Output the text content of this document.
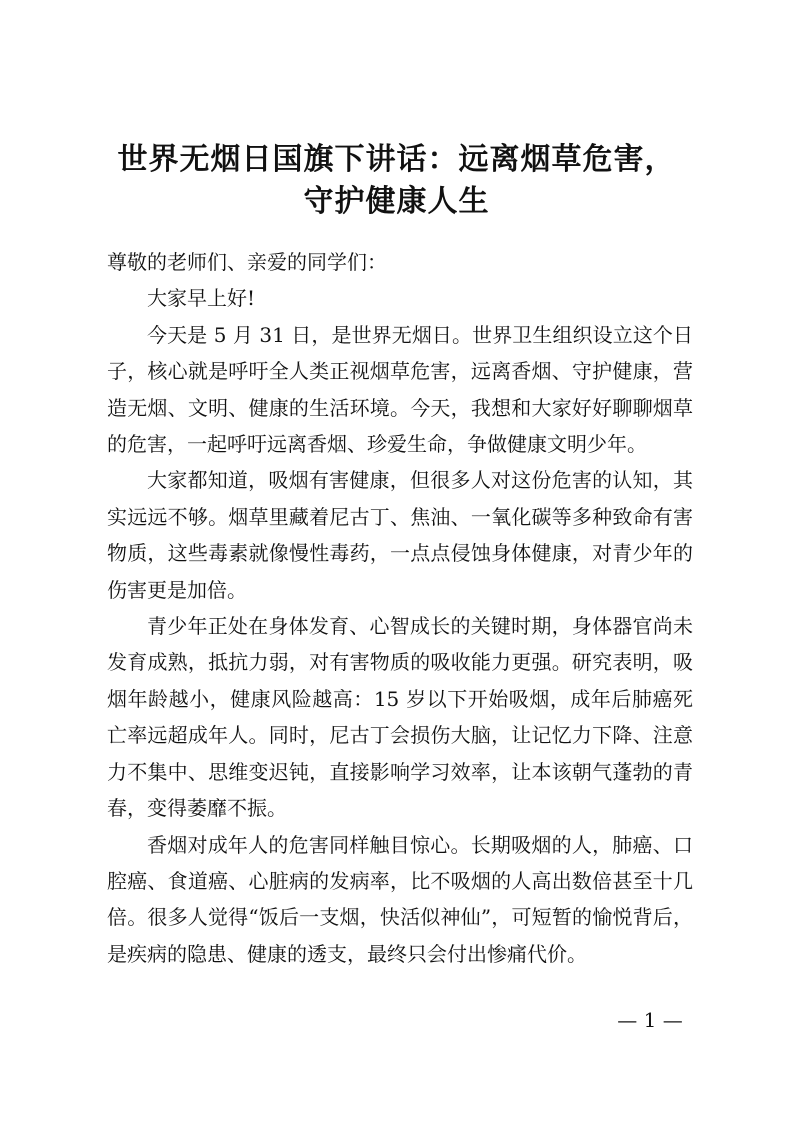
世界无烟日国旗下讲话：远离烟草危害，
守护健康人生

尊敬的老师们、亲爱的同学们：

大家早上好!

今天是 5 月 31 日，是世界无烟日。世界卫生组织设立这个日子，核心就是呼吁全人类正视烟草危害，远离香烟、守护健康，营造无烟、文明、健康的生活环境。今天，我想和大家好好聊聊烟草的危害，一起呼吁远离香烟、珍爱生命，争做健康文明少年。

大家都知道，吸烟有害健康，但很多人对这份危害的认知，其实远远不够。烟草里藏着尼古丁、焦油、一氧化碳等多种致命有害物质，这些毒素就像慢性毒药，一点点侵蚀身体健康，对青少年的伤害更是加倍。

青少年正处在身体发育、心智成长的关键时期，身体器官尚未发育成熟，抵抗力弱，对有害物质的吸收能力更强。研究表明，吸烟年龄越小，健康风险越高：15 岁以下开始吸烟，成年后肺癌死亡率远超成年人。同时，尼古丁会损伤大脑，让记忆力下降、注意力不集中、思维变迟钝，直接影响学习效率，让本该朝气蓬勃的青春，变得萎靡不振。

香烟对成年人的危害同样触目惊心。长期吸烟的人，肺癌、口腔癌、食道癌、心脏病的发病率，比不吸烟的人高出数倍甚至十几倍。很多人觉得“饭后一支烟，快活似神仙”，可短暂的愉悦背后，是疾病的隐患、健康的透支，最终只会付出惨痛代价。

— 1 —
